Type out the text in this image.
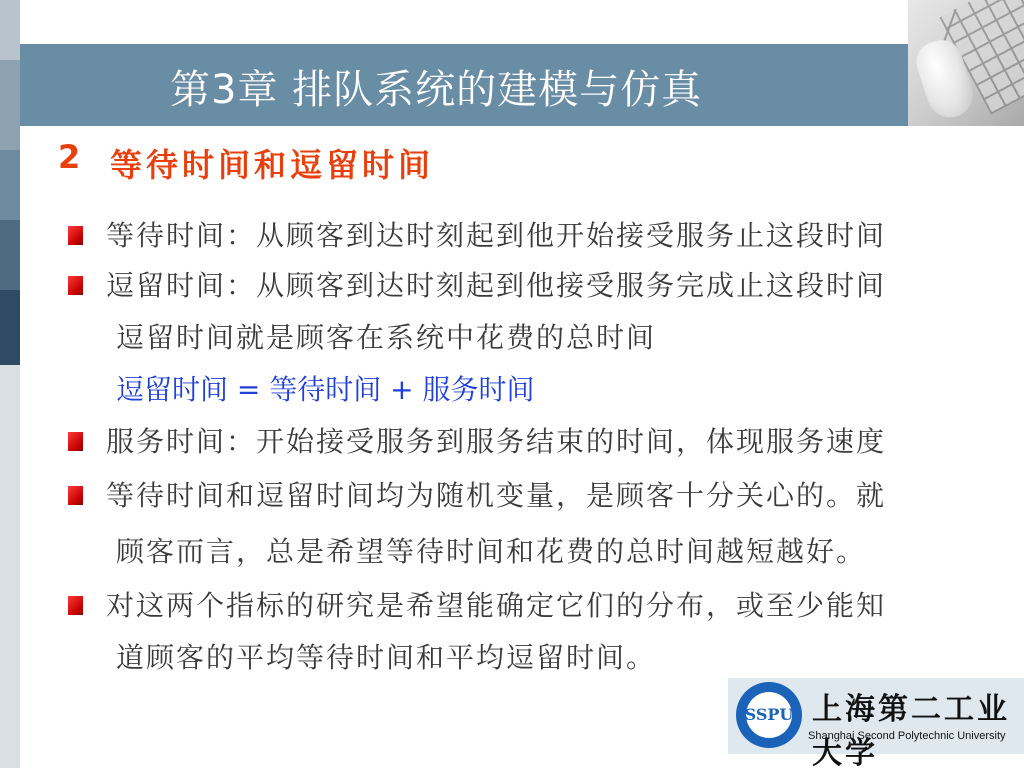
第3章 排队系统的建模与仿真
2 等待时间和逗留时间
等待时间：从顾客到达时刻起到他开始接受服务止这段时间
逗留时间：从顾客到达时刻起到他接受服务完成止这段时间
逗留时间就是顾客在系统中花费的总时间
逗留时间 = 等待时间 + 服务时间
服务时间：开始接受服务到服务结束的时间，体现服务速度
等待时间和逗留时间均为随机变量，是顾客十分关心的。就
顾客而言，总是希望等待时间和花费的总时间越短越好。
对这两个指标的研究是希望能确定它们的分布，或至少能知
道顾客的平均等待时间和平均逗留时间。
SSPU 上海第二工业大学
Shanghai Second Polytechnic University
